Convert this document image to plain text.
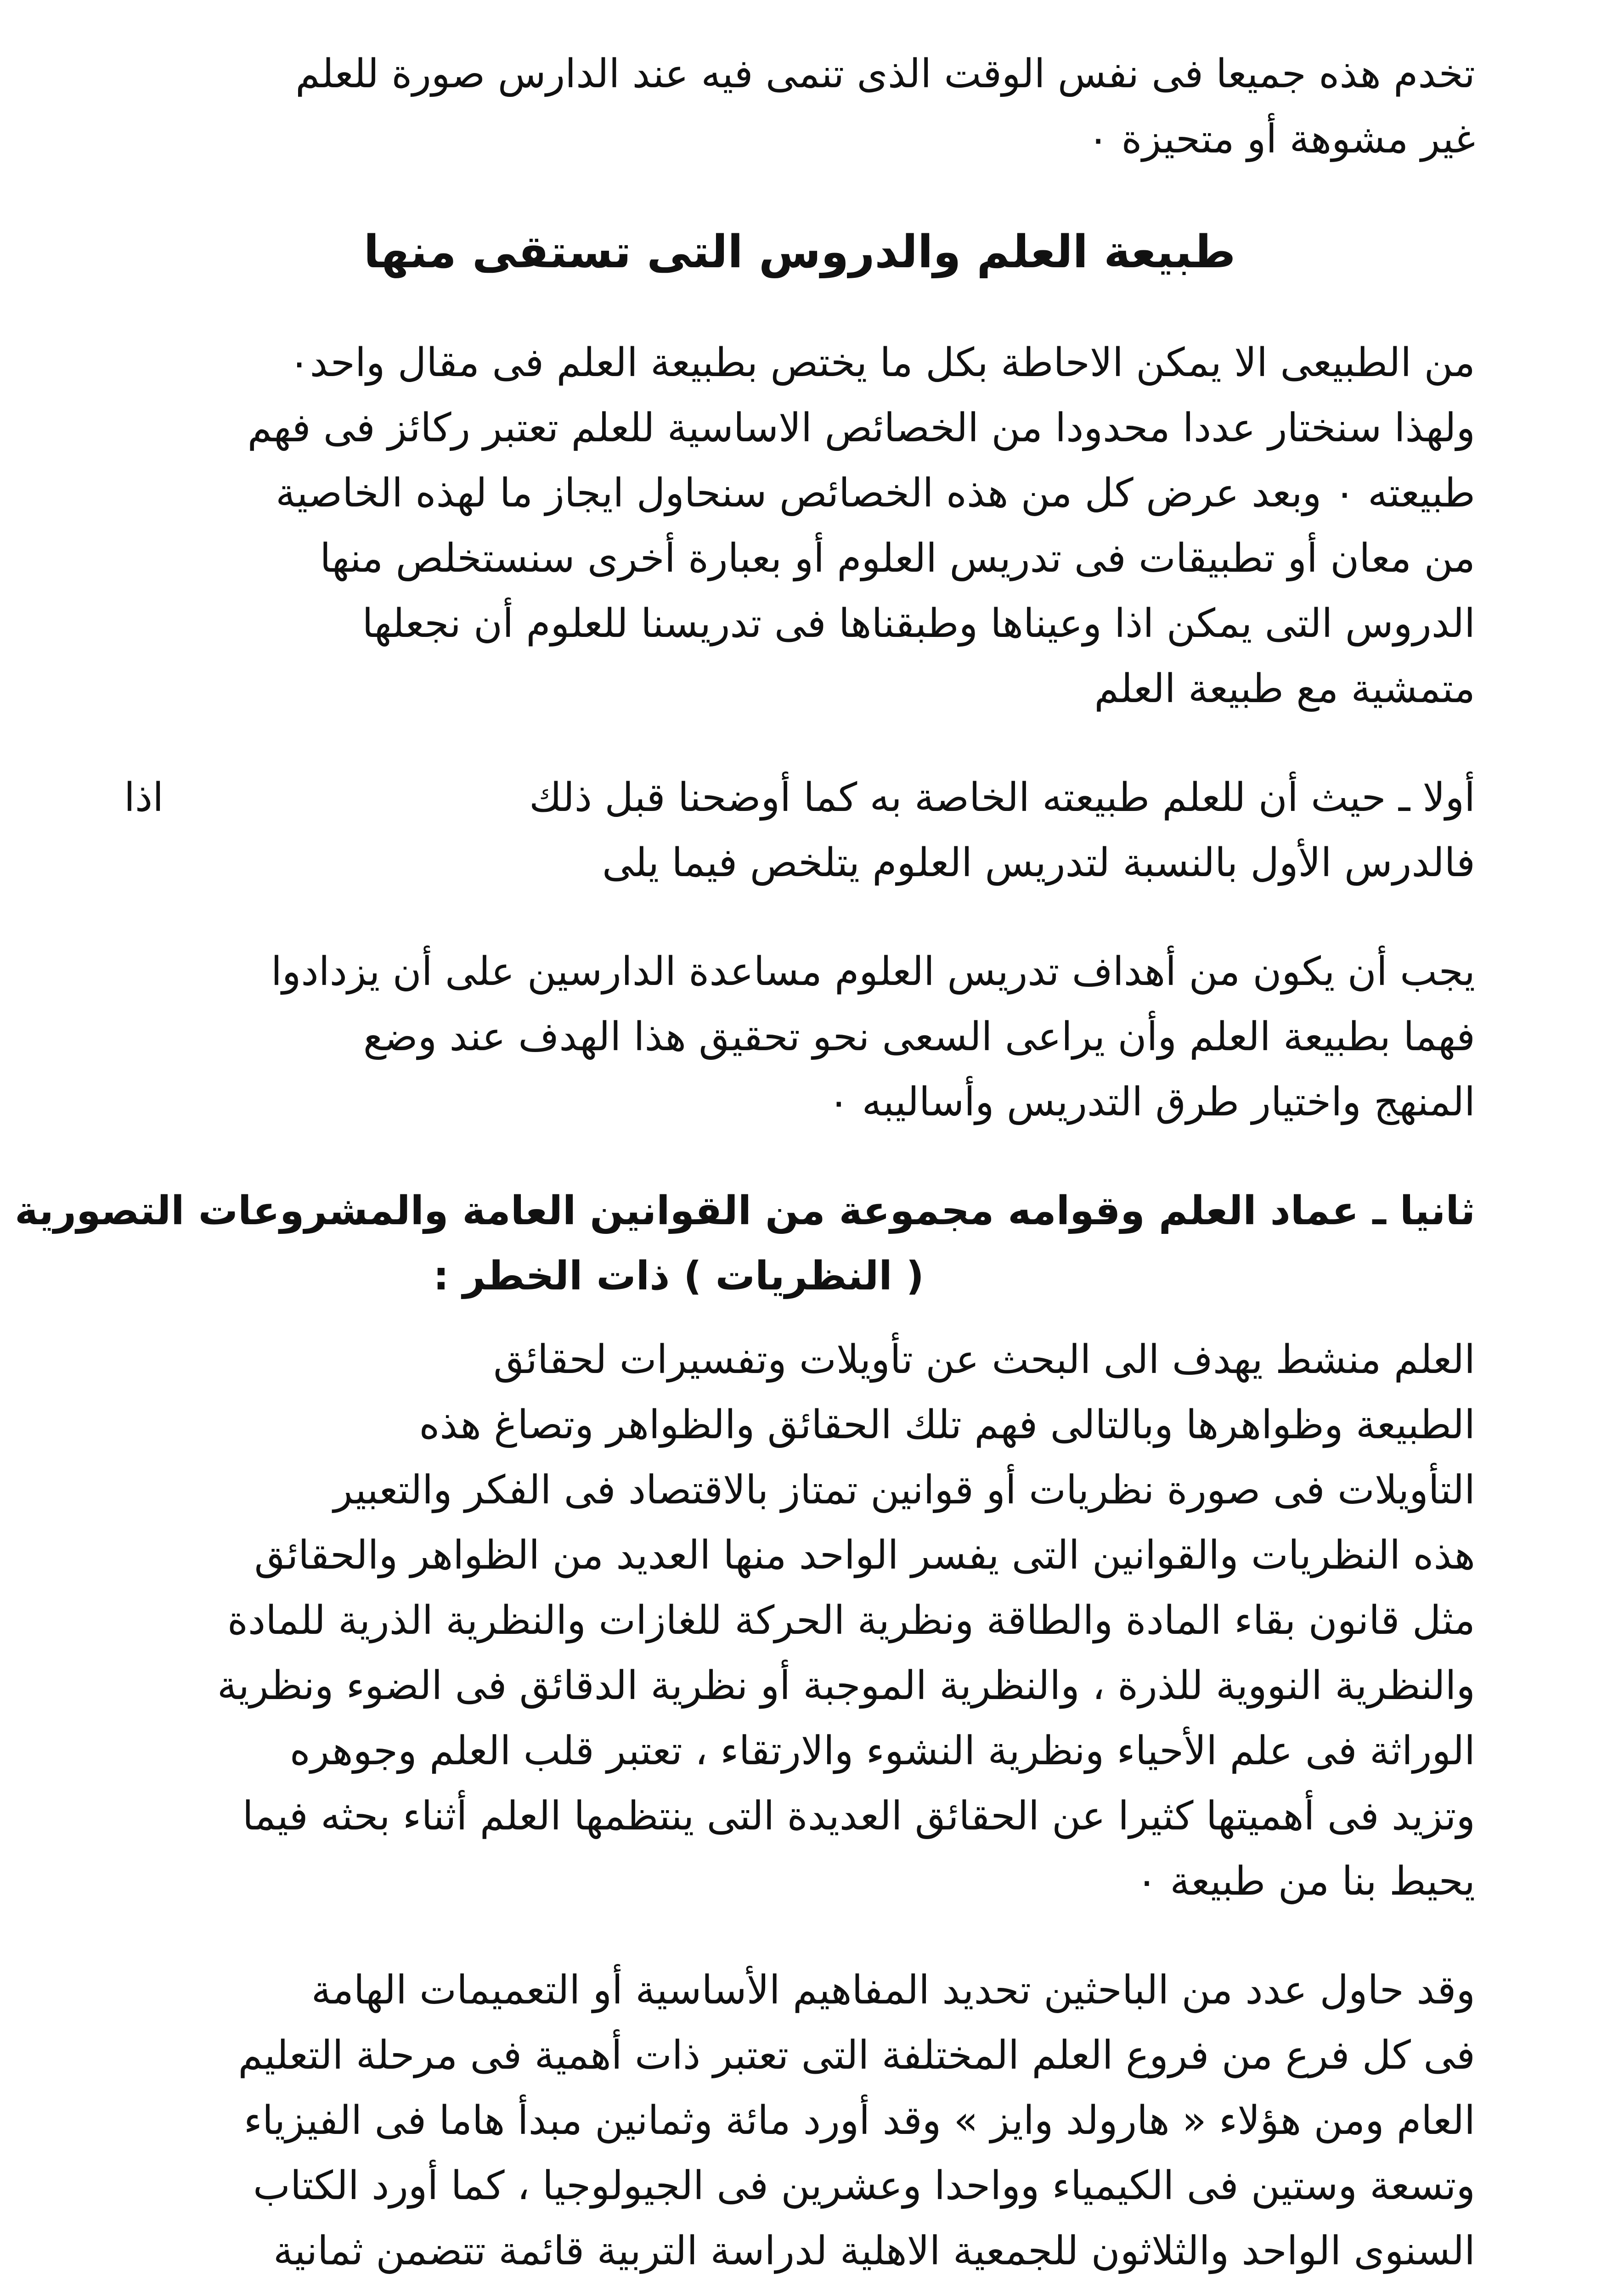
تخدم هذه جميعا فى نفس الوقت الذى تنمى فيه عند الدارس صورة للعلم
غير مشوهة أو متحيزة ٠
طبيعة العلم والدروس التى تستقى منها
من الطبيعى الا يمكن الاحاطة بكل ما يختص بطبيعة العلم فى مقال واحد٠
ولهذا سنختار عددا محدودا من الخصائص الاساسية للعلم تعتبر ركائز فى فهم
طبيعته ٠ وبعد عرض كل من هذه الخصائص سنحاول ايجاز ما لهذه الخاصية
من معان أو تطبيقات فى تدريس العلوم أو بعبارة أخرى سنستخلص منها
الدروس التى يمكن اذا وعيناها وطبقناها فى تدريسنا للعلوم أن نجعلها
متمشية مع طبيعة العلم
أولا ـ حيث أن للعلم طبيعته الخاصة به كما أوضحنا قبل ذلك
اذا
فالدرس الأول بالنسبة لتدريس العلوم يتلخص فيما يلى
يجب أن يكون من أهداف تدريس العلوم مساعدة الدارسين على أن يزدادوا
فهما بطبيعة العلم وأن يراعى السعى نحو تحقيق هذا الهدف عند وضع
المنهج واختيار طرق التدريس وأساليبه ٠
ثانيا ـ عماد العلم وقوامه مجموعة من القوانين العامة والمشروعات التصورية
( النظريات ) ذات الخطر :
العلم منشط يهدف الى البحث عن تأويلات وتفسيرات لحقائق
الطبيعة وظواهرها وبالتالى فهم تلك الحقائق والظواهر وتصاغ هذه
التأويلات فى صورة نظريات أو قوانين تمتاز بالاقتصاد فى الفكر والتعبير
هذه النظريات والقوانين التى يفسر الواحد منها العديد من الظواهر والحقائق
مثل قانون بقاء المادة والطاقة ونظرية الحركة للغازات والنظرية الذرية للمادة
والنظرية النووية للذرة ، والنظرية الموجبة أو نظرية الدقائق فى الضوء ونظرية
الوراثة فى علم الأحياء ونظرية النشوء والارتقاء ، تعتبر قلب العلم وجوهره
وتزيد فى أهميتها كثيرا عن الحقائق العديدة التى ينتظمها العلم أثناء بحثه فيما
يحيط بنا من طبيعة ٠
وقد حاول عدد من الباحثين تحديد المفاهيم الأساسية أو التعميمات الهامة
فى كل فرع من فروع العلم المختلفة التى تعتبر ذات أهمية فى مرحلة التعليم
العام ومن هؤلاء « هارولد وايز » وقد أورد مائة وثمانين مبدأ هاما فى الفيزياء
وتسعة وستين فى الكيمياء وواحدا وعشرين فى الجيولوجيا ، كما أورد الكتاب
السنوى الواحد والثلاثون للجمعية الاهلية لدراسة التربية قائمة تتضمن ثمانية
